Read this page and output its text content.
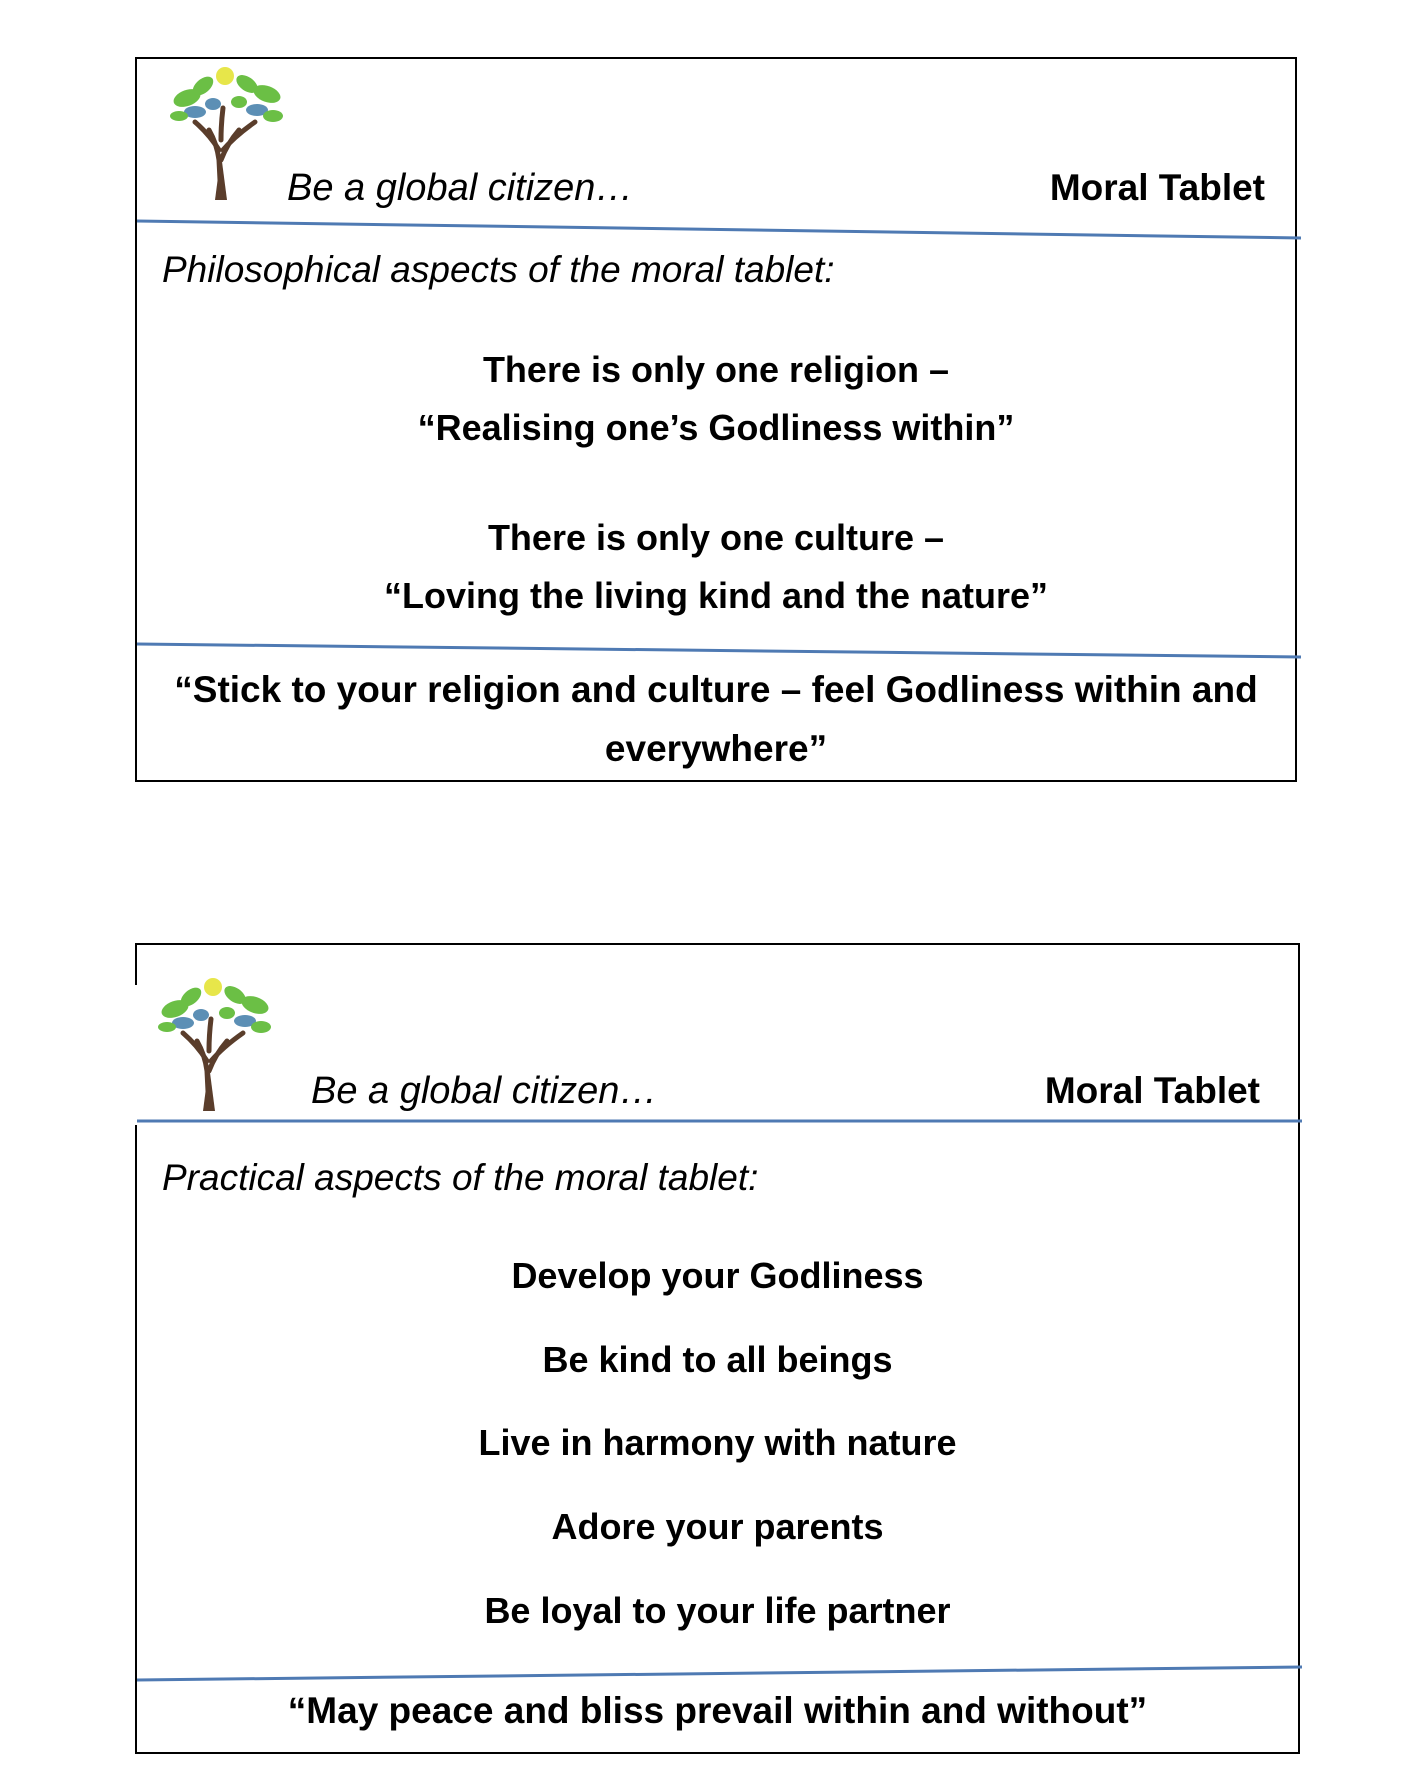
Be a global citizen…	Moral Tablet
Philosophical aspects of the moral tablet:
There is only one religion –
“Realising one’s Godliness within”
There is only one culture –
“Loving the living kind and the nature”
“Stick to your religion and culture – feel Godliness within and everywhere”
Be a global citizen…	Moral Tablet
Practical aspects of the moral tablet:
Develop your Godliness
Be kind to all beings
Live in harmony with nature
Adore your parents
Be loyal to your life partner
“May peace and bliss prevail within and without”
